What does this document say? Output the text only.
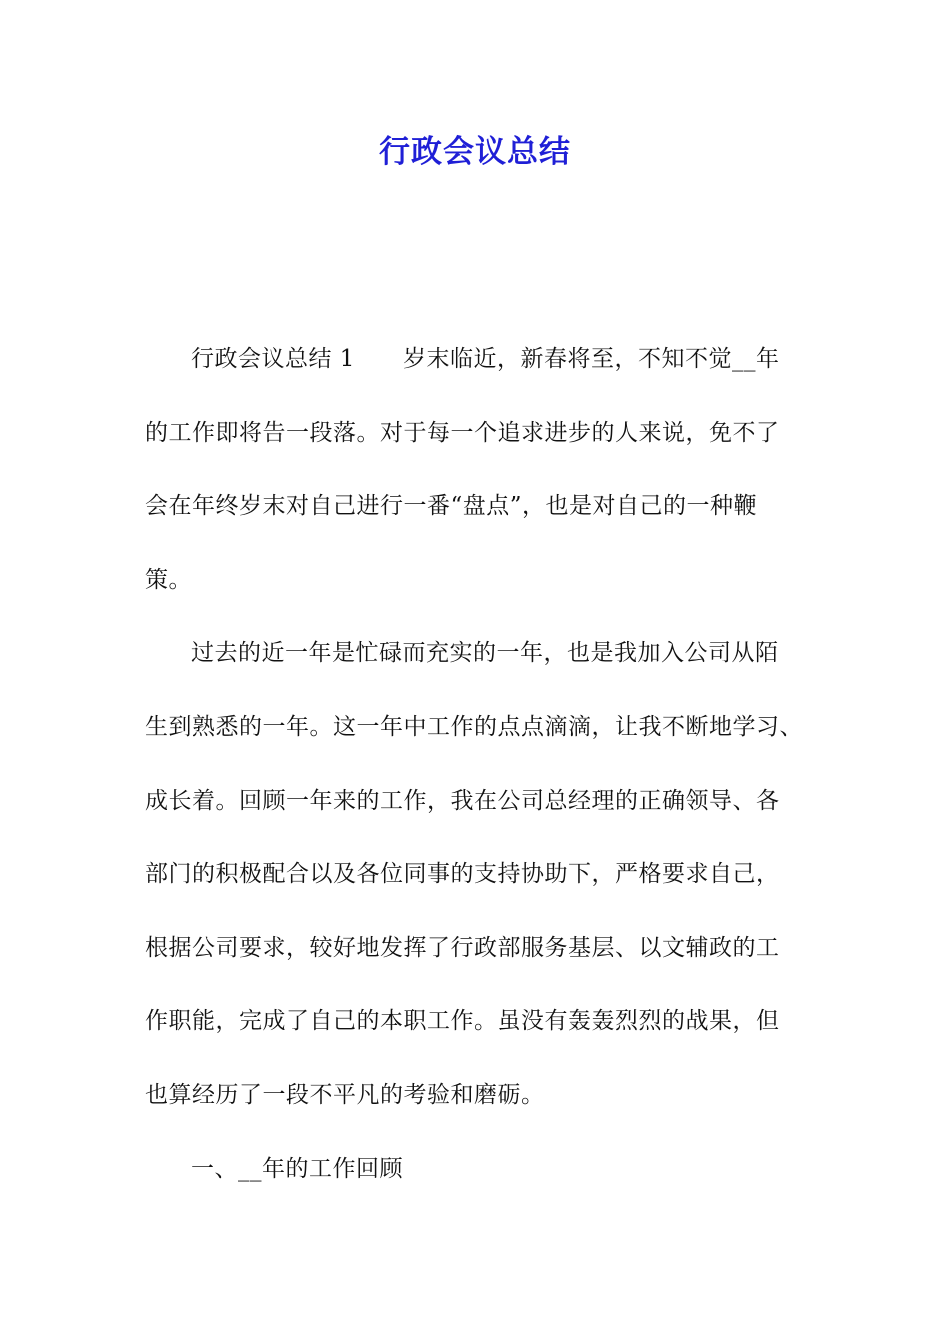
行政会议总结
行政会议总结 1 岁末临近，新春将至，不知不觉__年
的工作即将告一段落。对于每一个追求进步的人来说，免不了
会在年终岁末对自己进行一番“盘点”，也是对自己的一种鞭
策。
过去的近一年是忙碌而充实的一年，也是我加入公司从陌
生到熟悉的一年。这一年中工作的点点滴滴，让我不断地学习、
成长着。回顾一年来的工作，我在公司总经理的正确领导、各
部门的积极配合以及各位同事的支持协助下，严格要求自己，
根据公司要求，较好地发挥了行政部服务基层、以文辅政的工
作职能，完成了自己的本职工作。虽没有轰轰烈烈的战果，但
也算经历了一段不平凡的考验和磨砺。
一、__年的工作回顾
